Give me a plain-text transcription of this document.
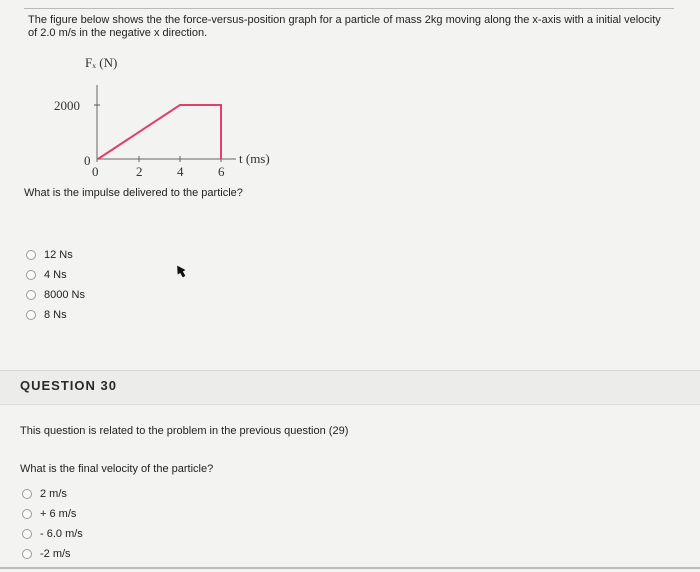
The figure below shows the the force-versus-position graph for a particle of mass 2kg moving along the x-axis with a initial velocity of 2.0 m/s in the negative x direction.
Fₓ (N)
2000
0
0	2	4	6
t (ms)
What is the impulse delivered to the particle?
12 Ns
4 Ns
8000 Ns
8 Ns
QUESTION 30
This question is related to the problem in the previous question (29)
What is the final velocity of the particle?
2 m/s
+ 6 m/s
- 6.0 m/s
-2 m/s
